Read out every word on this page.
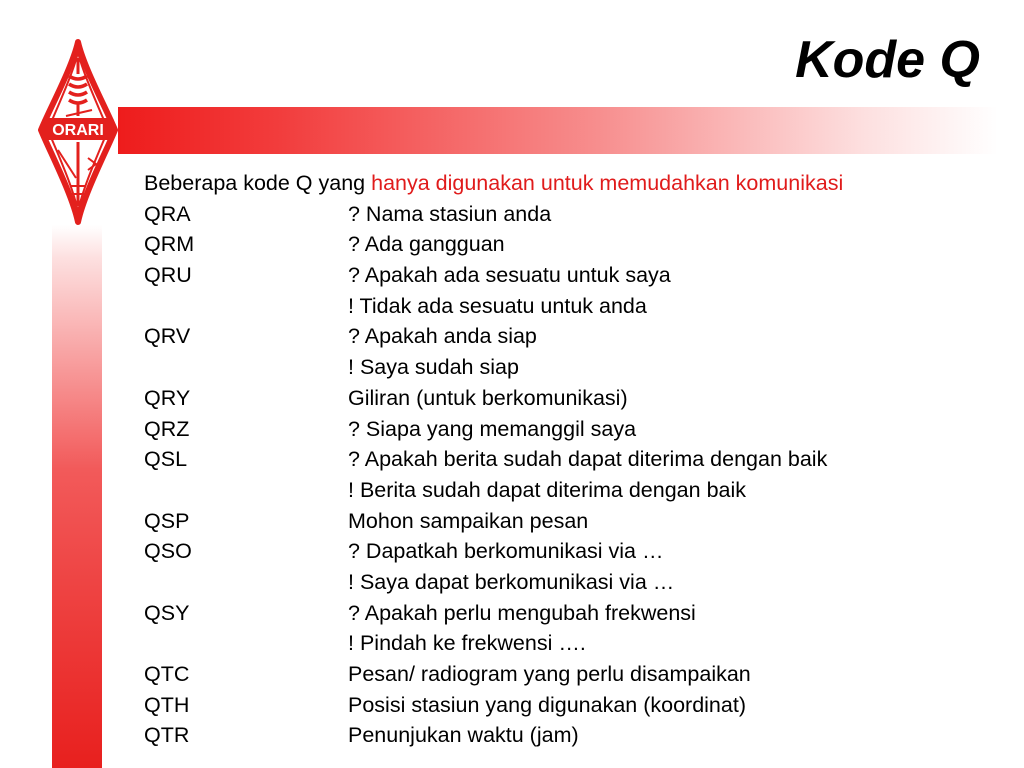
ORARI
Kode Q
Beberapa kode Q yang hanya digunakan untuk memudahkan komunikasi
QRA	? Nama stasiun anda
QRM	? Ada gangguan
QRU	? Apakah ada sesuatu untuk saya
! Tidak ada sesuatu untuk anda
QRV	? Apakah anda siap
! Saya sudah siap
QRY	Giliran (untuk berkomunikasi)
QRZ	? Siapa yang memanggil saya
QSL	? Apakah berita sudah dapat diterima dengan baik
! Berita sudah dapat diterima dengan baik
QSP	Mohon sampaikan pesan
QSO	? Dapatkah berkomunikasi via …
! Saya dapat berkomunikasi via …
QSY	? Apakah perlu mengubah frekwensi
! Pindah ke frekwensi ….
QTC	Pesan/ radiogram yang perlu disampaikan
QTH	Posisi stasiun yang digunakan (koordinat)
QTR	Penunjukan waktu (jam)
